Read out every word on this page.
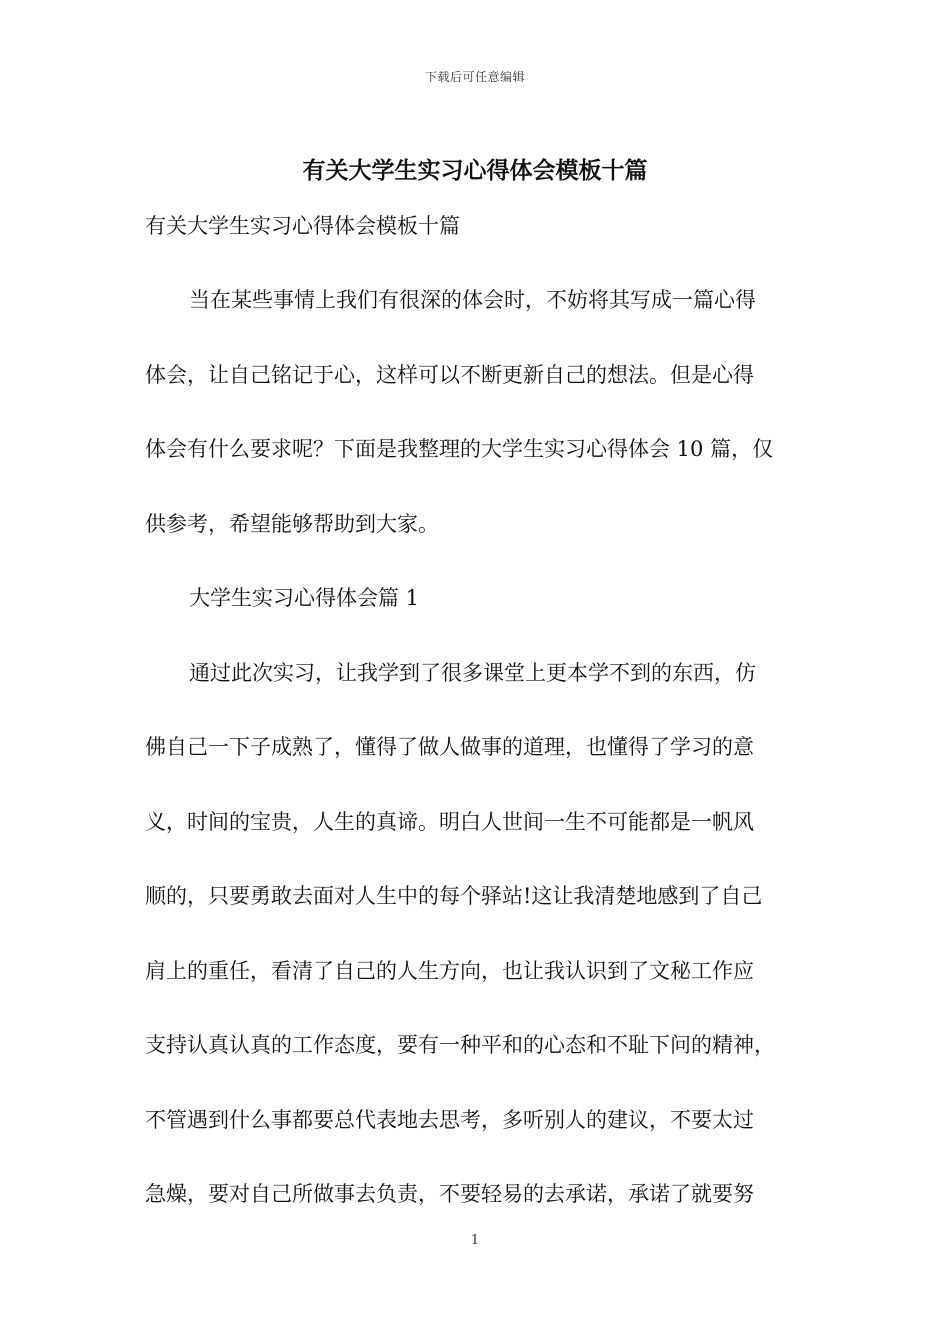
下载后可任意编辑
有关大学生实习心得体会模板十篇
有关大学生实习心得体会模板十篇
当在某些事情上我们有很深的体会时，不妨将其写成一篇心得
体会，让自己铭记于心，这样可以不断更新自己的想法。但是心得
体会有什么要求呢？下面是我整理的大学生实习心得体会 10 篇，仅
供参考，希望能够帮助到大家。
大学生实习心得体会篇 1
通过此次实习，让我学到了很多课堂上更本学不到的东西，仿
佛自己一下子成熟了，懂得了做人做事的道理，也懂得了学习的意
义，时间的宝贵，人生的真谛。明白人世间一生不可能都是一帆风
顺的，只要勇敢去面对人生中的每个驿站!这让我清楚地感到了自己
肩上的重任，看清了自己的人生方向，也让我认识到了文秘工作应
支持认真认真的工作态度，要有一种平和的心态和不耻下问的精神，
不管遇到什么事都要总代表地去思考，多听别人的建议，不要太过
急燥，要对自己所做事去负责，不要轻易的去承诺，承诺了就要努
1
